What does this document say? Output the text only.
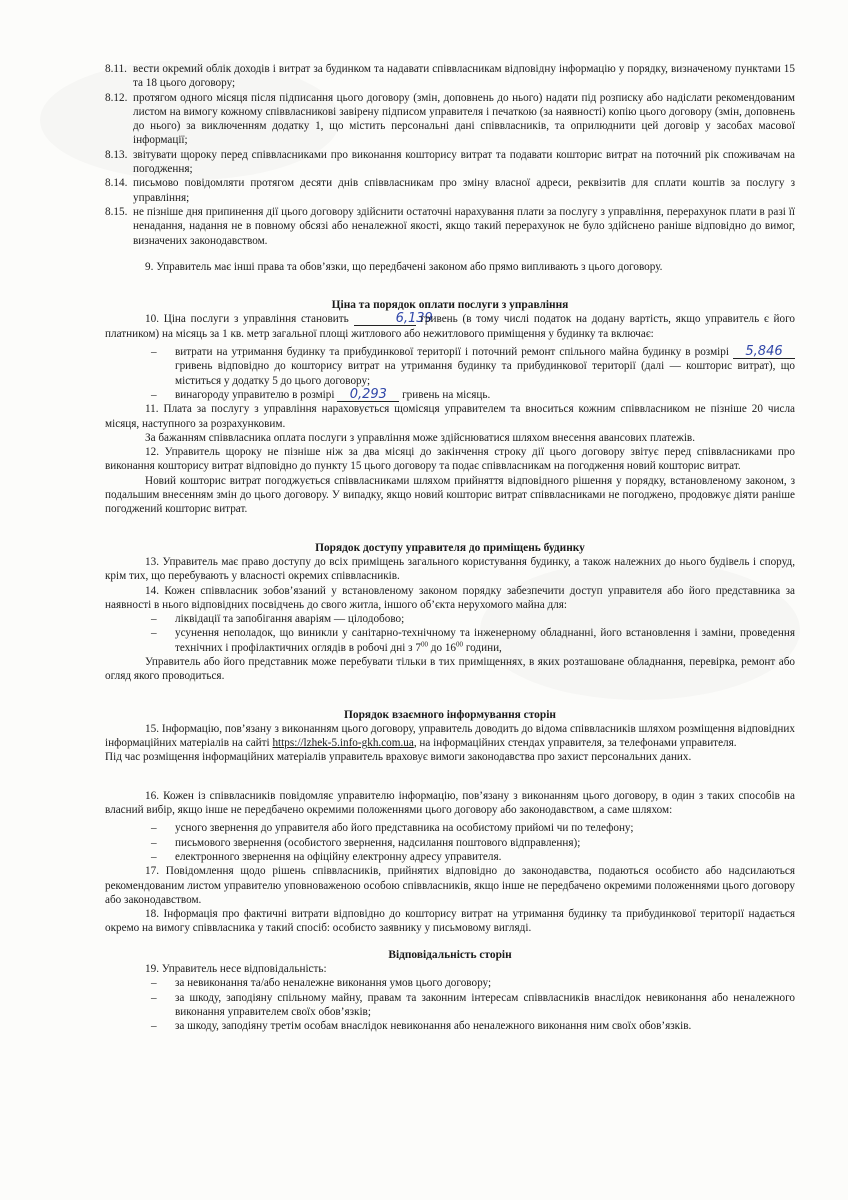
8.11. вести окремий облік доходів і витрат за будинком та надавати співвласникам відповідну інформацію у порядку, визначеному пунктами 15 та 18 цього договору;

8.12. протягом одного місяця після підписання цього договору (змін, доповнень до нього) надати під розписку або надіслати рекомендованим листом на вимогу кожному співвласникові завірену підписом управителя і печаткою (за наявності) копію цього договору (змін, доповнень до нього) за виключенням додатку 1, що містить персональні дані співвласників, та оприлюднити цей договір у засобах масової інформації;

8.13. звітувати щороку перед співвласниками про виконання кошторису витрат та подавати кошторис витрат на поточний рік споживачам на погодження;

8.14. письмово повідомляти протягом десяти днів співвласникам про зміну власної адреси, реквізитів для сплати коштів за послугу з управління;

8.15. не пізніше дня припинення дії цього договору здійснити остаточні нарахування плати за послугу з управління, перерахунок плати в разі її ненадання, надання не в повному обсязі або неналежної якості, якщо такий перерахунок не було здійснено раніше відповідно до вимог, визначених законодавством.

9. Управитель має інші права та обов’язки, що передбачені законом або прямо випливають з цього договору.

Ціна та порядок оплати послуги з управління

10. Ціна послуги з управління становить	6,139 гривень (в тому числі податок на додану вартість, якщо управитель є його платником) на місяць за 1 кв. метр загальної площі житлового або нежитлового приміщення у будинку та включає:

– витрати на утримання будинку та прибудинкової території і поточний ремонт спільного майна будинку в розмірі 5,846 гривень відповідно до кошторису витрат на утримання будинку та прибудинкової території (далі — кошторис витрат), що міститься у додатку 5 до цього договору;

– винагороду управителю в розмірі 0,293 гривень на місяць.

11. Плата за послугу з управління нараховується щомісяця управителем та вноситься кожним співвласником не пізніше 20 числа місяця, наступного за розрахунковим.

За бажанням співвласника оплата послуги з управління може здійснюватися шляхом внесення авансових платежів.

12. Управитель щороку не пізніше ніж за два місяці до закінчення строку дії цього договору звітує перед співвласниками про виконання кошторису витрат відповідно до пункту 15 цього договору та подає співвласникам на погодження новий кошторис витрат.

Новий кошторис витрат погоджується співвласниками шляхом прийняття відповідного рішення у порядку, встановленому законом, з подальшим внесенням змін до цього договору. У випадку, якщо новий кошторис витрат співвласниками не погоджено, продовжує діяти раніше погоджений кошторис витрат.

Порядок доступу управителя до приміщень будинку

13. Управитель має право доступу до всіх приміщень загального користування будинку, а також належних до нього будівель і споруд, крім тих, що перебувають у власності окремих співвласників.

14. Кожен співвласник зобов’язаний у встановленому законом порядку забезпечити доступ управителя або його представника за наявності в нього відповідних посвідчень до свого житла, іншого об’єкта нерухомого майна для:

– ліквідації та запобігання аваріям — цілодобово;

– усунення неполадок, що виникли у санітарно-технічному та інженерному обладнанні, його встановлення і заміни, проведення технічних і профілактичних оглядів в робочі дні з $7^{00}$ до $16^{00}$ години,

Управитель або його представник може перебувати тільки в тих приміщеннях, в яких розташоване обладнання, перевірка, ремонт або огляд якого проводиться.

Порядок взаємного інформування сторін

15. Інформацію, пов’язану з виконанням цього договору, управитель доводить до відома співвласників шляхом розміщення відповідних інформаційних матеріалів на сайті https://lzhek-5.info-gkh.com.ua, на інформаційних стендах управителя, за телефонами управителя.

Під час розміщення інформаційних матеріалів управитель враховує вимоги законодавства про захист персональних даних.

16. Кожен із співвласників повідомляє управителю інформацію, пов’язану з виконанням цього договору, в один з таких способів на власний вибір, якщо інше не передбачено окремими положеннями цього договору або законодавством, а саме шляхом:

– усного звернення до управителя або його представника на особистому прийомі чи по телефону;

– письмового звернення (особистого звернення, надсилання поштового відправлення);

– електронного звернення на офіційну електронну адресу управителя.

17. Повідомлення щодо рішень співвласників, прийнятих відповідно до законодавства, подаються особисто або надсилаються рекомендованим листом управителю уповноваженою особою співвласників, якщо інше не передбачено окремими положеннями цього договору або законодавством.

18. Інформація про фактичні витрати відповідно до кошторису витрат на утримання будинку та прибудинкової території надається окремо на вимогу співвласника у такий спосіб: особисто заявнику у письмовому вигляді.

Відповідальність сторін

19. Управитель несе відповідальність:

– за невиконання та/або неналежне виконання умов цього договору;

– за шкоду, заподіяну спільному майну, правам та законним інтересам співвласників внаслідок невиконання або неналежного виконання управителем своїх обов’язків;

– за шкоду, заподіяну третім особам внаслідок невиконання або неналежного виконання ним своїх обов’язків.
